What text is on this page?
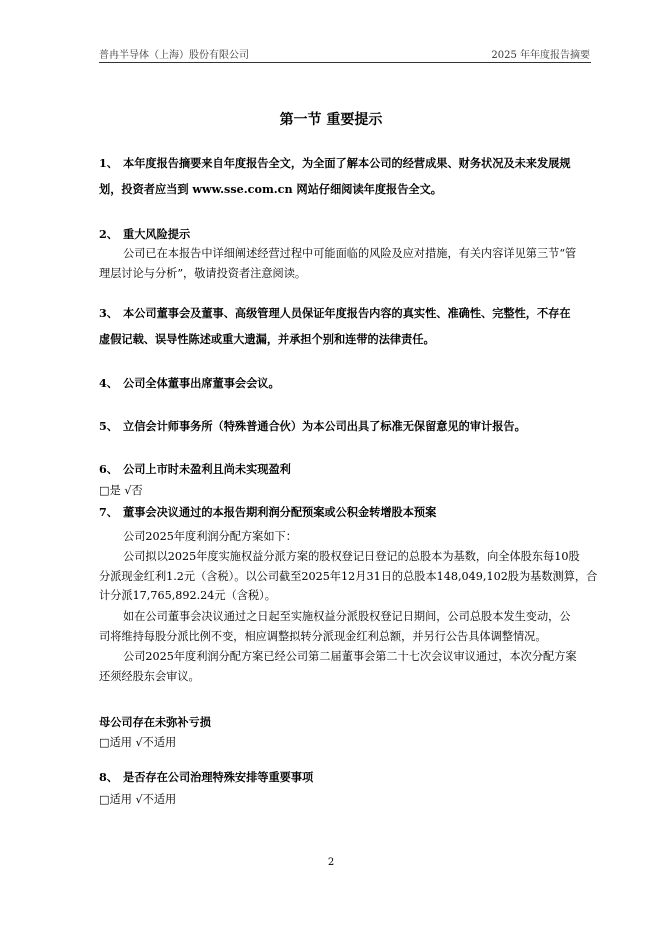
普冉半导体（上海）股份有限公司	2025 年年度报告摘要
第一节 重要提示
1、 本年度报告摘要来自年度报告全文，为全面了解本公司的经营成果、财务状况及未来发展规
划，投资者应当到 www.sse.com.cn 网站仔细阅读年度报告全文。
2、 重大风险提示
公司已在本报告中详细阐述经营过程中可能面临的风险及应对措施，有关内容详见第三节“管
理层讨论与分析”，敬请投资者注意阅读。
3、 本公司董事会及董事、高级管理人员保证年度报告内容的真实性、准确性、完整性，不存在
虚假记载、误导性陈述或重大遗漏，并承担个别和连带的法律责任。
4、 公司全体董事出席董事会会议。
5、 立信会计师事务所（特殊普通合伙）为本公司出具了标准无保留意见的审计报告。
6、 公司上市时未盈利且尚未实现盈利
□是 √否
7、 董事会决议通过的本报告期利润分配预案或公积金转增股本预案
公司2025年度利润分配方案如下：
公司拟以2025年度实施权益分派方案的股权登记日登记的总股本为基数，向全体股东每10股
分派现金红利1.2元（含税）。以公司截至2025年12月31日的总股本148,049,102股为基数测算，合
计分派17,765,892.24元（含税）。
如在公司董事会决议通过之日起至实施权益分派股权登记日期间，公司总股本发生变动，公
司将维持每股分派比例不变，相应调整拟转分派现金红利总额，并另行公告具体调整情况。
公司2025年度利润分配方案已经公司第二届董事会第二十七次会议审议通过，本次分配方案
还须经股东会审议。
母公司存在未弥补亏损
□适用 √不适用
8、 是否存在公司治理特殊安排等重要事项
□适用 √不适用
2
